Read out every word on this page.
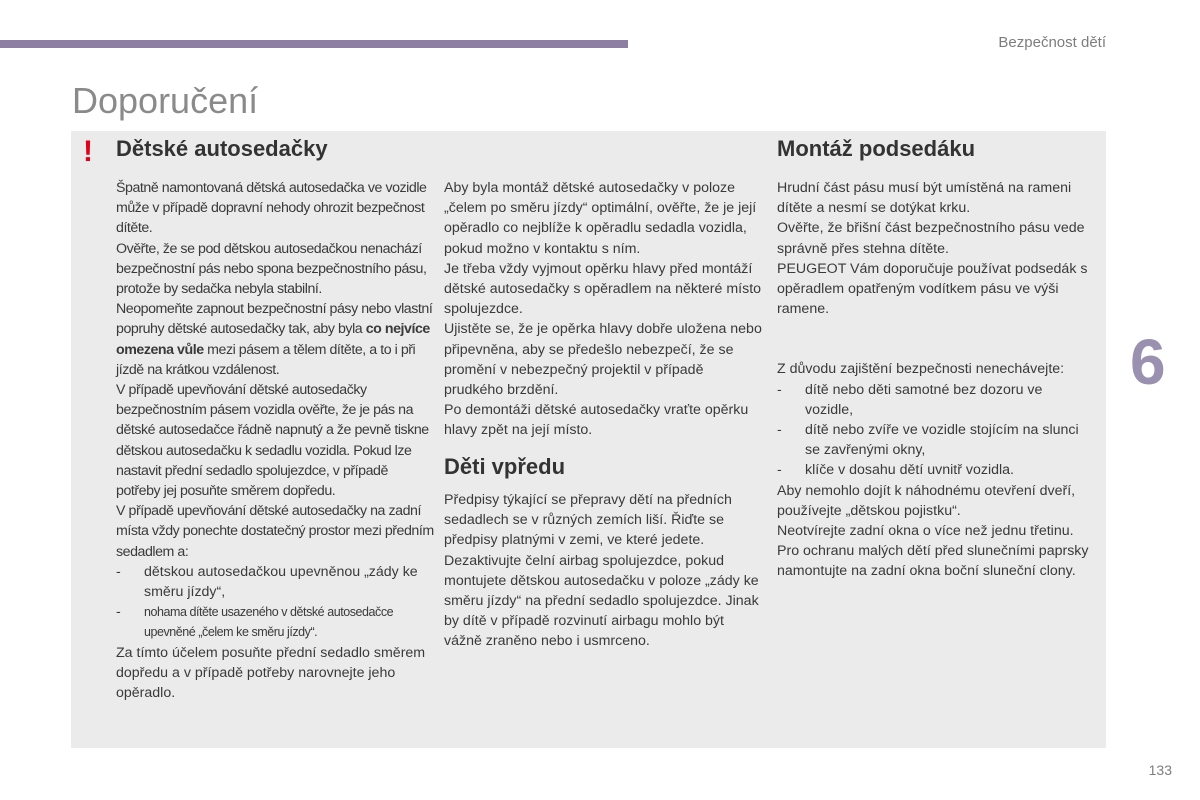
Bezpečnost dětí
Doporučení
! Dětské autosedačky	Montáž podsedáku

Špatně namontovaná dětská autosedačka ve vozidle může v případě dopravní nehody ohrozit bezpečnost dítěte.

Ověřte, že se pod dětskou autosedačkou nenachází bezpečnostní pás nebo spona bezpečnostního pásu, protože by sedačka nebyla stabilní.

Neopomeňte zapnout bezpečnostní pásy nebo vlastní popruhy dětské autosedačky tak, aby byla co nejvíce omezena vůle mezi pásem a tělem dítěte, a to i při jízdě na krátkou vzdálenost.

V případě upevňování dětské autosedačky bezpečnostním pásem vozidla ověřte, že je pás na dětské autosedačce řádně napnutý a že pevně tiskne dětskou autosedačku k sedadlu vozidla. Pokud lze nastavit přední sedadlo spolujezdce, v případě potřeby jej posuňte směrem dopředu.

V případě upevňování dětské autosedačky na zadní místa vždy ponechte dostatečný prostor mezi předním sedadlem a:

- dětskou autosedačkou upevněnou „zády ke směru jízdy“,
- nohama dítěte usazeného v dětské autosedačce upevněné „čelem ke směru jízdy“.

Za tímto účelem posuňte přední sedadlo směrem dopředu a v případě potřeby narovnejte jeho opěradlo.

Aby byla montáž dětské autosedačky v poloze „čelem po směru jízdy“ optimální, ověřte, že je její opěradlo co nejblíže k opěradlu sedadla vozidla, pokud možno v kontaktu s ním.

Je třeba vždy vyjmout opěrku hlavy před montáží dětské autosedačky s opěradlem na některé místo spolujezdce.

Ujistěte se, že je opěrka hlavy dobře uložena nebo připevněna, aby se předešlo nebezpečí, že se promění v nebezpečný projektil v případě prudkého brzdění.

Po demontáži dětské autosedačky vraťte opěrku hlavy zpět na její místo.

Děti vpředu

Předpisy týkající se přepravy dětí na předních sedadlech se v různých zemích liší. Řiďte se předpisy platnými v zemi, ve které jedete.

Dezaktivujte čelní airbag spolujezdce, pokud montujete dětskou autosedačku v poloze „zády ke směru jízdy“ na přední sedadlo spolujezdce. Jinak by dítě v případě rozvinutí airbagu mohlo být vážně zraněno nebo i usmrceno.

Hrudní část pásu musí být umístěná na rameni dítěte a nesmí se dotýkat krku.

Ověřte, že břišní část bezpečnostního pásu vede správně přes stehna dítěte.

PEUGEOT Vám doporučuje používat podsedák s opěradlem opatřeným vodítkem pásu ve výši ramene.

Z důvodu zajištění bezpečnosti nenechávejte:

- dítě nebo děti samotné bez dozoru ve vozidle,
- dítě nebo zvíře ve vozidle stojícím na slunci se zavřenými okny,
- klíče v dosahu dětí uvnitř vozidla.

Aby nemohlo dojít k náhodnému otevření dveří, používejte „dětskou pojistku“.

Neotvírejte zadní okna o více než jednu třetinu.

Pro ochranu malých dětí před slunečními paprsky namontujte na zadní okna boční sluneční clony.

6
133
